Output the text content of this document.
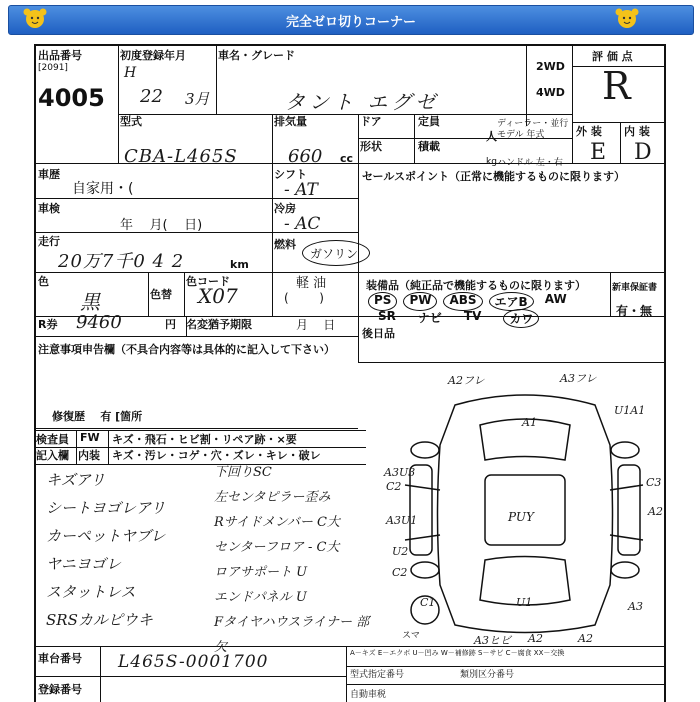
完全ゼロ切りコーナー
出品番号
[2091]
4005
初度登録年月
H
22 3月
車名・グレード
タント エグゼ
2WD
4WD
評 価 点
R
外 装 内 装
E D
型式
CBA-L465S
排気量
660 cc
ドア	定員
人
ディーラー・並行
モデル 年式
ハンドル 左・右
形状	積載
kg
車歴
自家用・(
シフト
- AT
セールスポイント（正常に機能するものに限ります）
車検
年    月(    日)
冷房
- AC
走行
20万7千0 4 2	km
燃料
ガソリン
軽 油
(        )
色
黒	色替
色コード
X07	装備品（純正品で機能するものに限ります）
PS	PW	ABS	エアB	AW
SR ナビ TV	カワ
新車保証書
有・無
R券 9460	円 名変猶予期限	月    日
後日品
注意事項申告欄（不具合内容等は具体的に記入して下さい）
修復歴    有 [箇所
検査員 FW キズ・飛石・ヒビ割・リペア跡・×要
記入欄 内装 キズ・汚レ・コゲ・穴・ズレ・キレ・破レ
キズアリ
シートヨゴレアリ
カーペットヤブレ
ヤニヨゴレ
スタットレス
SRSカルピウキ
下回りSC
左センタピラー歪み
Rサイドメンバー C大
センターフロア - C大
ロアサポート U
エンドパネル U
Fタイヤハウスライナー 部欠
A2フレ	A3フレ
A1
U1A1
A3U3
C2	C3
A2
PUY
A3U1
U2
C2
C1	U1	A3
A3ヒビ A2	A2
スマ
車台番号 L465S-0001700
登録番号
A－キズ E－エクボ U－凹み W－補修跡 S－サビ C－腐食 XX－交換
型式指定番号	類別区分番号
自動車税
